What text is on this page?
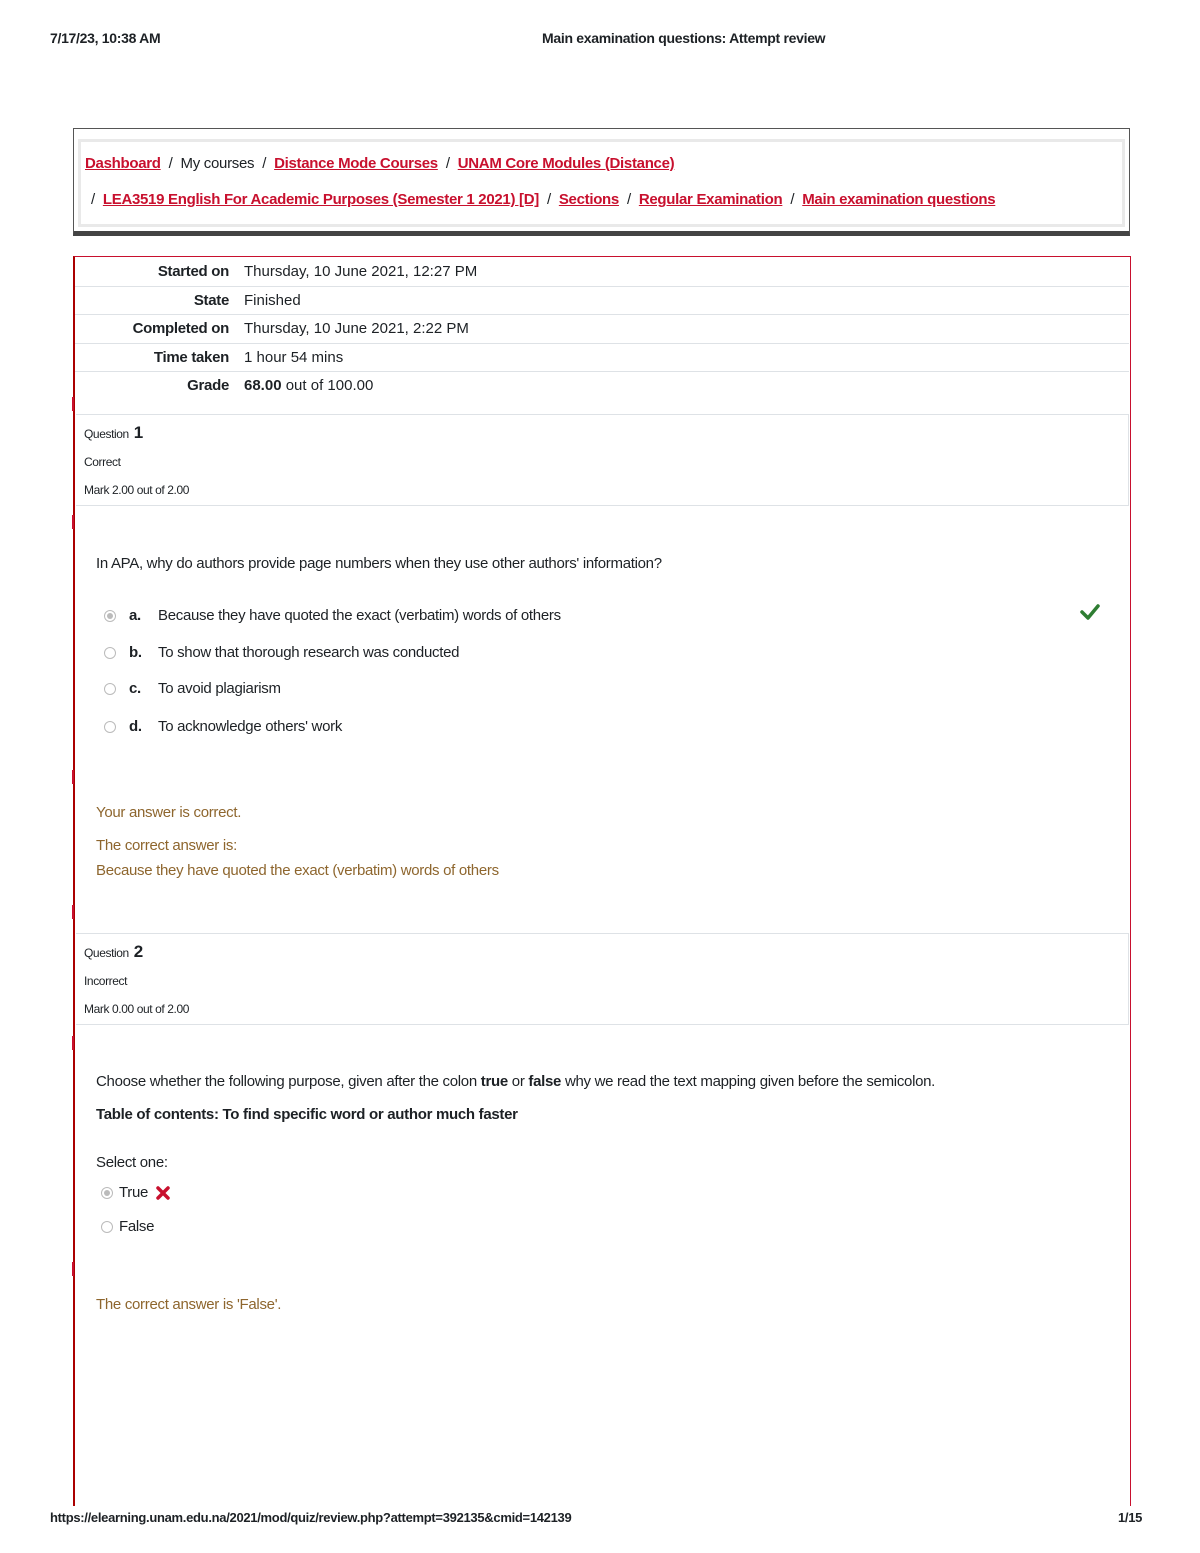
7/17/23, 10:38 AM	Main examination questions: Attempt review
Dashboard / My courses / Distance Mode Courses / UNAM Core Modules (Distance)
/ LEA3519 English For Academic Purposes (Semester 1 2021) [D] / Sections / Regular Examination / Main examination questions
Started on Thursday, 10 June 2021, 12:27 PM
State Finished
Completed on Thursday, 10 June 2021, 2:22 PM
Time taken 1 hour 54 mins
Grade 68.00 out of 100.00
Question 1
Correct
Mark 2.00 out of 2.00
In APA, why do authors provide page numbers when they use other authors' information?
a. Because they have quoted the exact (verbatim) words of others
b. To show that thorough research was conducted
c. To avoid plagiarism
d. To acknowledge others' work
Your answer is correct.
The correct answer is:
Because they have quoted the exact (verbatim) words of others
Question 2
Incorrect
Mark 0.00 out of 2.00
Choose whether the following purpose, given after the colon true or false why we read the text mapping given before the semicolon.
Table of contents: To find specific word or author much faster
Select one:
True
False
The correct answer is 'False'.
https://elearning.unam.edu.na/2021/mod/quiz/review.php?attempt=392135&cmid=142139	1/15
